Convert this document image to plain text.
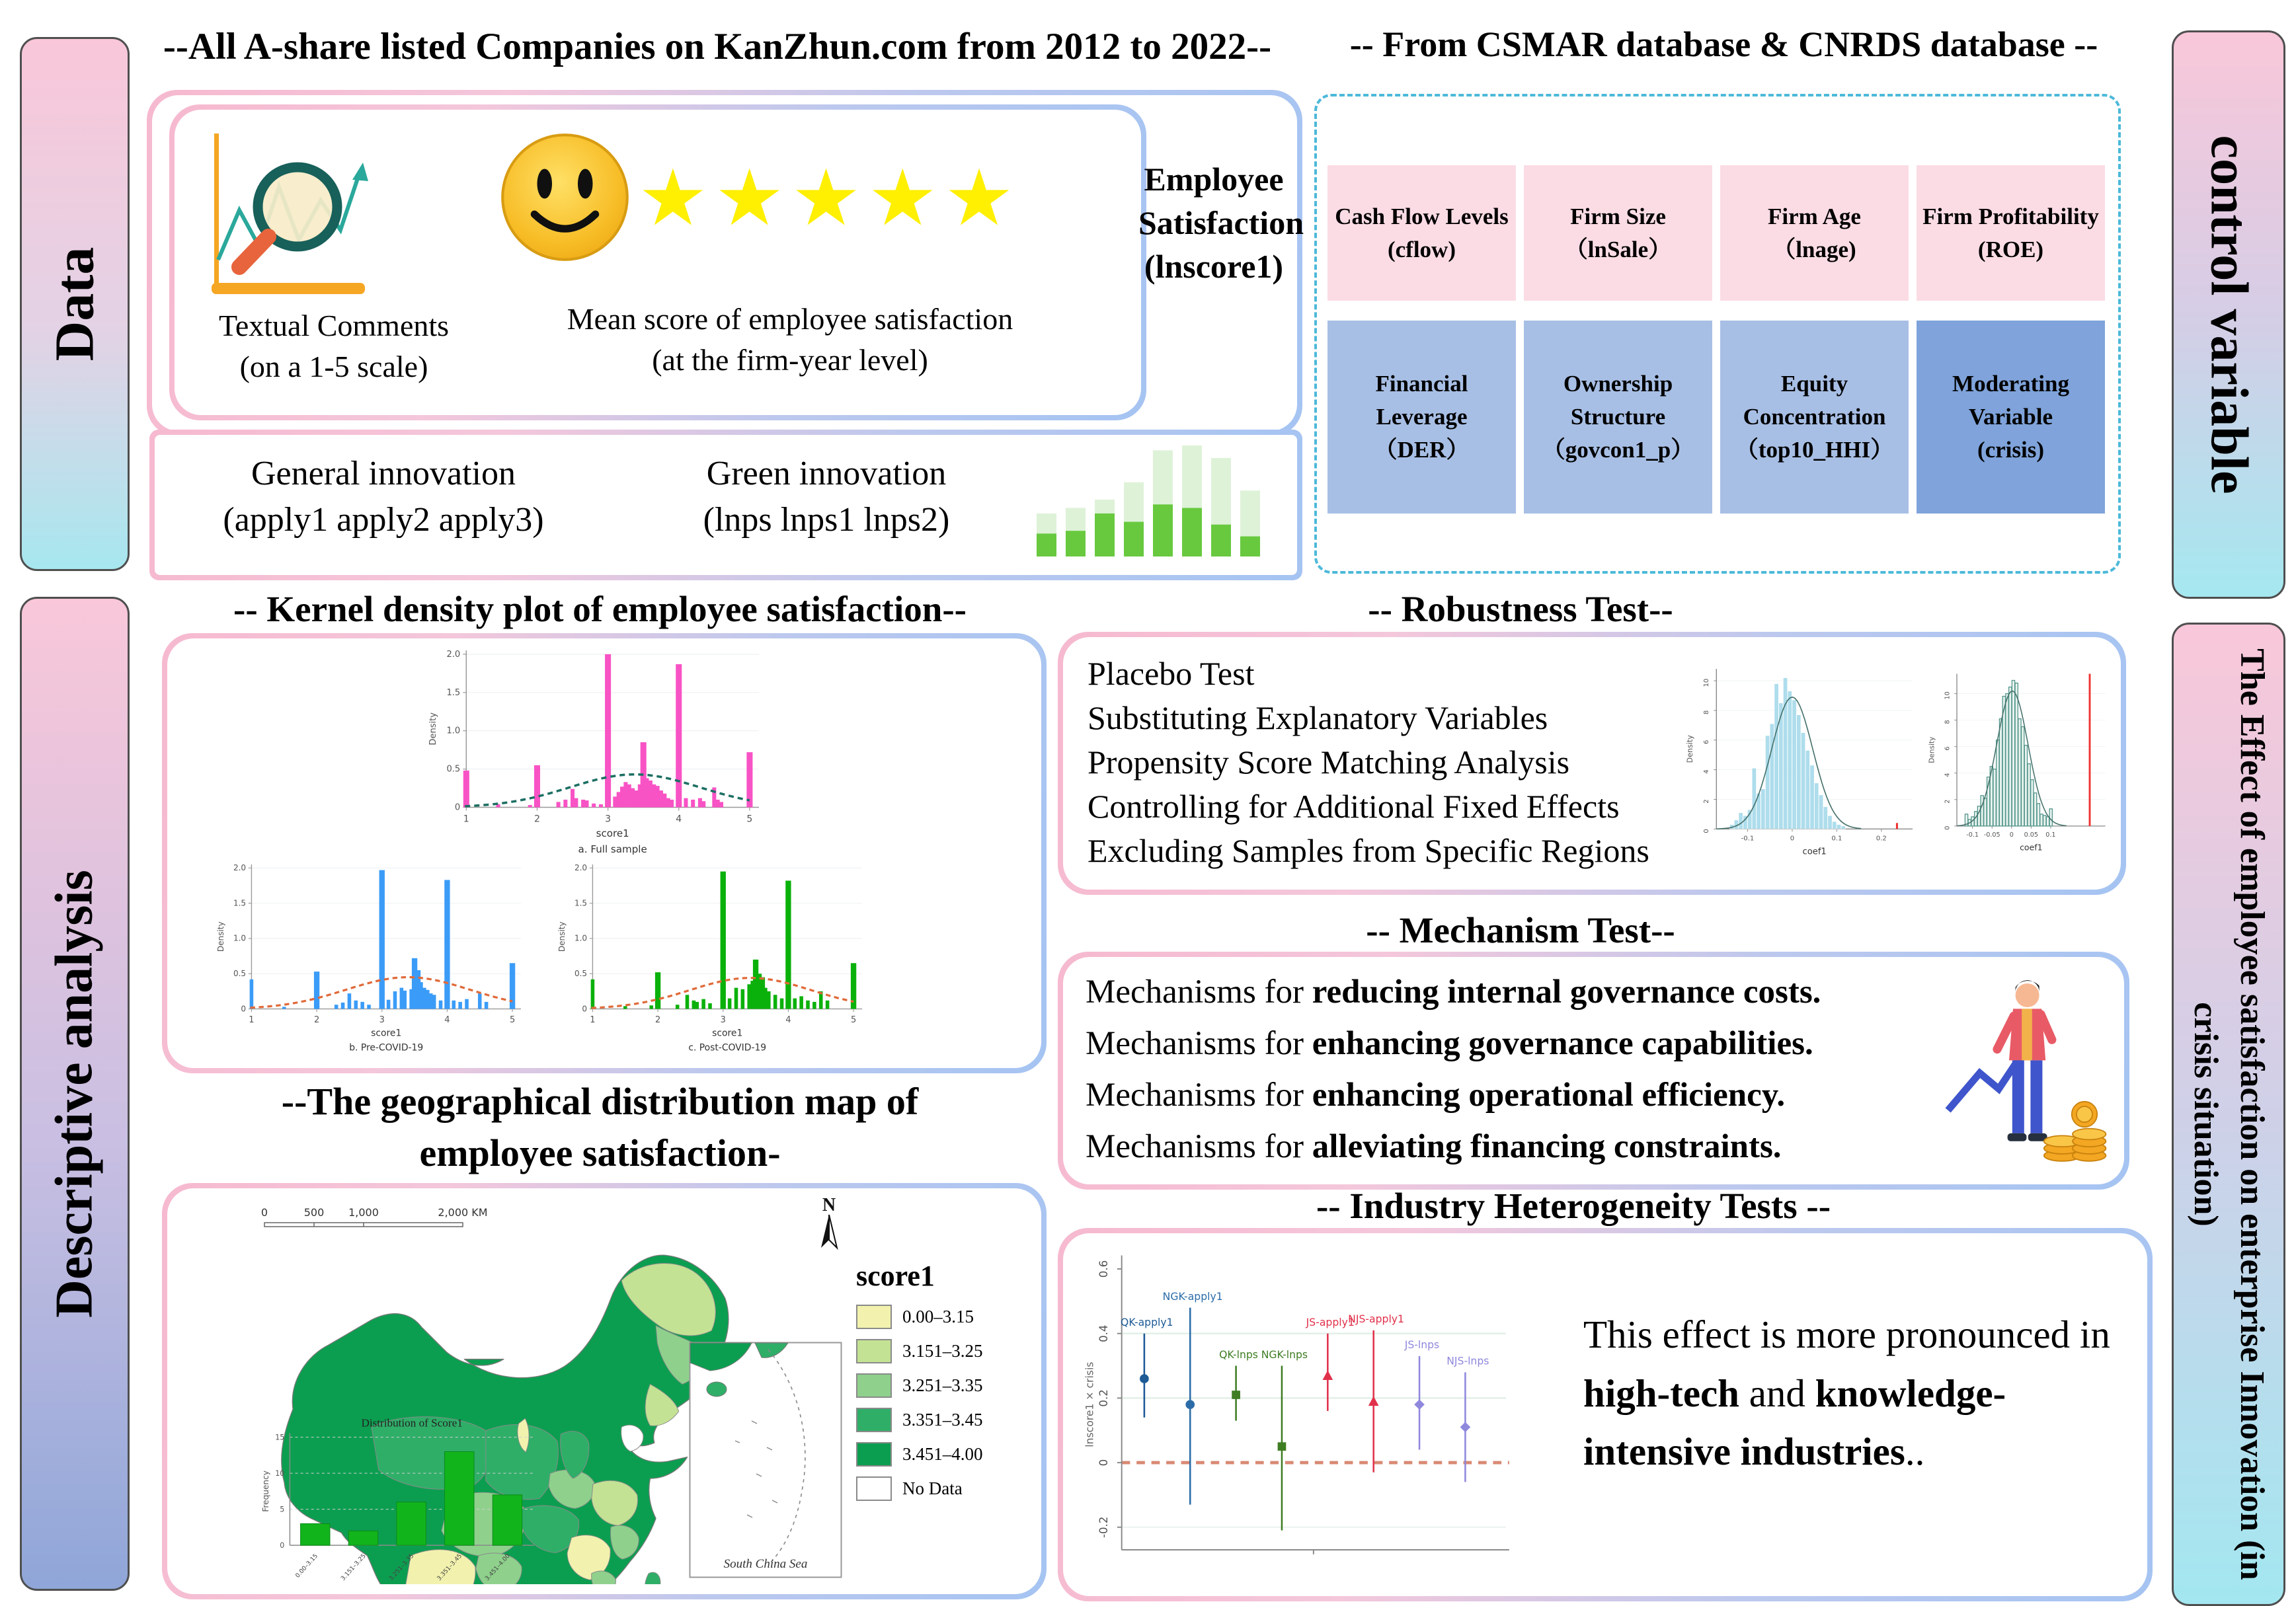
Data
Descriptive analysis
control variable
The Effect of employee satisfaction on enterprise Innovation (in crisis situation)
--All A-share listed Companies on KanZhun.com from 2012 to 2022--	-- From CSMAR database & CNRDS database --
★★★★★
Textual Comments
(on a 1-5 scale)
Mean score of employee satisfaction
(at the firm-year level)
Employee
Satisfaction
(lnscore1)
General innovation
(apply1 apply2 apply3)
Green innovation
(lnps lnps1 lnps2)
Cash Flow Levels
(cflow)
Firm Size
（lnSale）
Firm Age
（lnage)
Firm Profitability
(ROE)
Financial Leverage
（DER）
Ownership Structure
（govcon1_p）
Equity Concentration
（top10_HHI）
Moderating Variable
(crisis)
-- Kernel density plot of employee satisfaction--
0
0.5
1.0
1.5
2.0
1	2	3	4	5
score1
Density
a. Full sample
0
0.5
1.0
1.5
2.0
1	2	3	4	5
score1
Density
b. Pre-COVID-19
0
0.5
1.0
1.5
2.0
1	2	3	4	5
score1
Density
c. Post-COVID-19
--The geographical distribution map of
employee satisfaction-
0	500 1,000	2,000 KM	N
score1
0.00–3.15
3.151–3.25
3.251–3.35
3.351–3.45
3.451–4.00
No Data
Distribution of Score1
0
5
10
15
Frequency
0.00–3.15	3.151–3.25	3.251–3.35	3.351–3.45	3.451–4.00	South China Sea
-- Robustness Test--
Placebo Test
Substituting Explanatory Variables
Propensity Score Matching Analysis
Controlling for Additional Fixed Effects
Excluding Samples from Specific Regions
0
2
4
6
8
10
-0.1	0	0.1	0.2
coef1
Density
0
2
4
6
8
10
-0.1 -0.05 0 0.05 0.1
coef1
Density
-- Mechanism Test--
Mechanisms for reducing internal governance costs.
Mechanisms for enhancing governance capabilities.
Mechanisms for enhancing operational efficiency.
Mechanisms for alleviating financing constraints.
-- Industry Heterogeneity Tests --
-0.2
0
0.2
0.4
0.6
lnscore1 × crisis
QK-apply1
NGK-apply1
QK-lnps NGK-lnps
JS-apply1
NJS-apply1
JS-lnps
NJS-lnps
This effect is more pronounced in high-tech and knowledge-intensive industries..
